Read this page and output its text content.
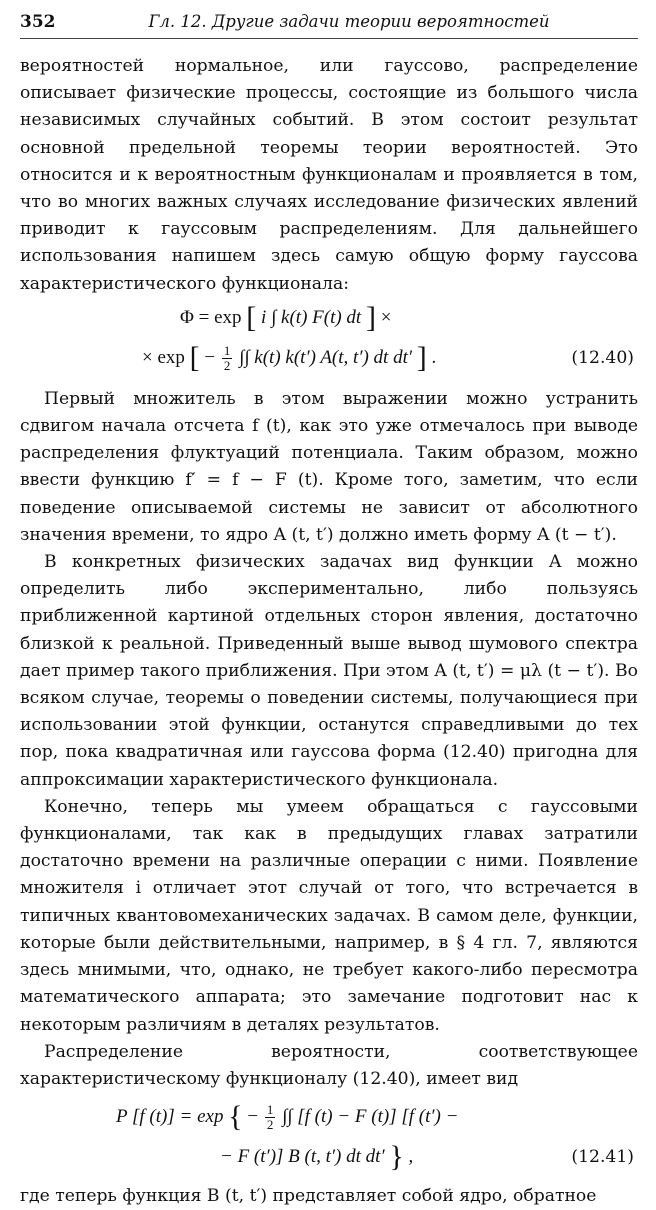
352	Гл. 12. Другие задачи теории вероятностей

вероятностей нормальное, или гауссово, распределение описывает физические процессы, состоящие из большого числа независимых случайных событий. В этом состоит результат основной предельной теоремы теории вероятностей. Это относится и к вероятностным функционалам и проявляется в том, что во многих важных случаях исследование физических явлений приводит к гауссовым распределениям. Для дальнейшего использования напишем здесь самую общую форму гауссова характеристического функционала:

Φ = exp [ i ∫ k(t) F(t) dt ] ×
× exp [ − $\frac{1}{2}$ ∫∫ k(t) k(t′) A(t, t′) dt dt′ ] .	(12.40)

Первый множитель в этом выражении можно устранить сдвигом начала отсчета f (t), как это уже отмечалось при выводе распределения флуктуаций потенциала. Таким образом, можно ввести функцию f′ = f − F (t). Кроме того, заметим, что если поведение описываемой системы не зависит от абсолютного значения времени, то ядро A (t, t′) должно иметь форму A (t − t′).

В конкретных физических задачах вид функции A можно определить либо экспериментально, либо пользуясь приближенной картиной отдельных сторон явления, достаточно близкой к реальной. Приведенный выше вывод шумового спектра дает пример такого приближения. При этом A (t, t′) = μλ (t − t′). Во всяком случае, теоремы о поведении системы, получающиеся при использовании этой функции, останутся справедливыми до тех пор, пока квадратичная или гауссова форма (12.40) пригодна для аппроксимации характеристического функционала.

Конечно, теперь мы умеем обращаться с гауссовыми функционалами, так как в предыдущих главах затратили достаточно времени на различные операции с ними. Появление множителя i отличает этот случай от того, что встречается в типичных квантовомеханических задачах. В самом деле, функции, которые были действительными, например, в § 4 гл. 7, являются здесь мнимыми, что, однако, не требует какого-либо пересмотра математического аппарата; это замечание подготовит нас к некоторым различиям в деталях результатов.

Распределение вероятности, соответствующее характеристическому функционалу (12.40), имеет вид

P [f (t)] = exp { − $\frac{1}{2}$ ∫∫ [f (t) − F (t)] [f (t′) −
− F (t′)] B (t, t′) dt dt′ } ,	(12.41)

где теперь функция B (t, t′) представляет собой ядро, обратное
